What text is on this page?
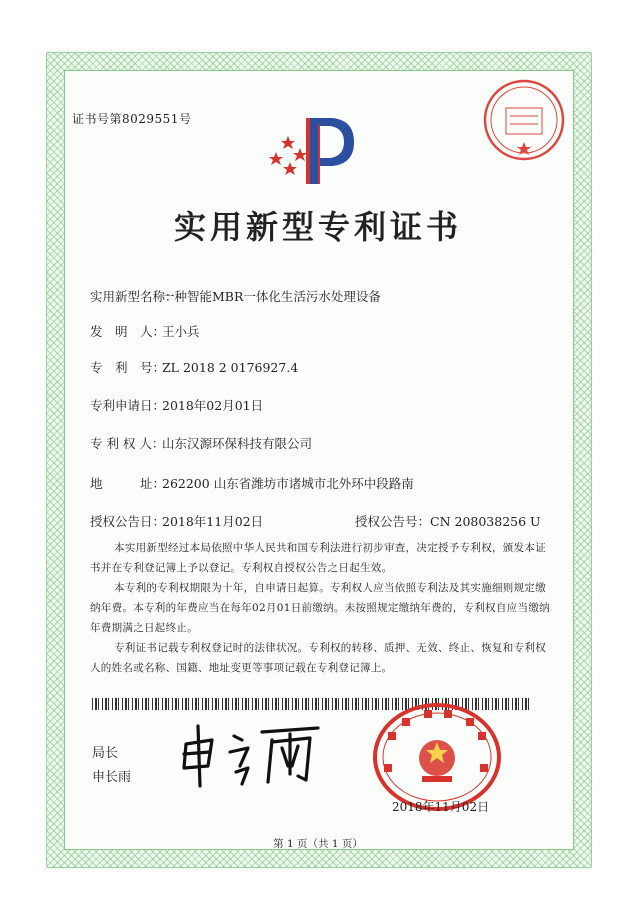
证书号第8029551号
实用新型专利证书
实用新型名称：一种智能MBR一体化生活污水处理设备
发　明　人：王小兵
专　利　号：ZL 2018 2 0176927.4
专利申请日：2018年02月01日
专 利 权 人：山东汉源环保科技有限公司
地　　　址：262200 山东省潍坊市诸城市北外环中段路南
授权公告日：2018年11月02日	授权公告号：CN 208038256 U
本实用新型经过本局依照中华人民共和国专利法进行初步审查，决定授予专利权，颁发本证书并在专利登记簿上予以登记。专利权自授权公告之日起生效。
本专利的专利权期限为十年，自申请日起算。专利权人应当依照专利法及其实施细则规定缴纳年费。本专利的年费应当在每年02月01日前缴纳。未按照规定缴纳年费的，专利权自应当缴纳年费期满之日起终止。
专利证书记载专利权登记时的法律状况。专利权的转移、质押、无效、终止、恢复和专利权人的姓名或名称、国籍、地址变更等事项记载在专利登记簿上。
局长
申长雨
2018年11月02日
第 1 页（共 1 页）
